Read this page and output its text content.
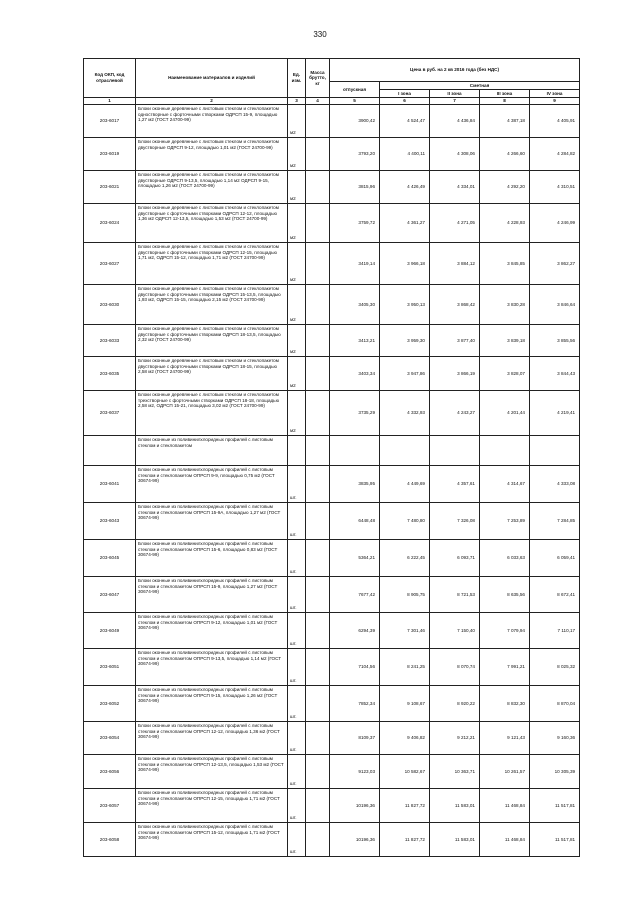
330
Код ОКП, код отраслевой	Наименование материалов и изделий	Ед. изм.	Масса брутто, кг	Цена в руб. на 2 кв 2016 года (без НДС)				
				отпускная	Сметная			
					I зона	II зона	III зона	IV зона
1	2	3	4	5	6	7	8	9
203-6017	Блоки оконные деревянные с листовым стеклом и стеклопакетом одностворные с форточными створками ОДРСП 15-9, площадью 1,27 м2 (ГОСТ 24700-99)	м2		3900,42	4 524,47	4 436,84	4 387,18	4 405,91
203-6019	Блоки оконные деревянные с листовым стеклом и стеклопакетом двустворные ОДРСП 9-12, площадью 1,01 м2 (ГОСТ 24700-99)	м2		3793,20	4 400,11	4 308,06	4 266,60	4 284,82
203-6021	Блоки оконные деревянные с листовым стеклом и стеклопакетом двустворные ОДРСП 9-13,5, площадью 1,14 м2 ОДРСП 9-15, площадью 1,26 м2 (ГОСТ 24700-99)	м2		3815,96	4 426,49	4 334,01	4 292,20	4 310,51
203-6024	Блоки оконные деревянные с листовым стеклом и стеклопакетом двустворные с форточными створками ОДРСП 12-12, площадью 1,36 м2 ОДРСП 12-13,5, площадью 1,53 м2 (ГОСТ 24700-99)	м2		3759,72	4 361,27	4 271,05	4 228,93	4 246,99
203-6027	Блоки оконные деревянные с листовым стеклом и стеклопакетом двустворные с форточными створками ОДРСП 12-15, площадью 1,71 м2, ОДРСП 15-12, площадью 1,71 м2 (ГОСТ 24700-99)	м2		3419,14	3 966,18	3 884,12	3 845,85	3 862,27
203-6030	Блоки оконные деревянные с листовым стеклом и стеклопакетом двустворные с форточными створками ОДРСП 15-13,5, площадью 1,93 м2, ОДРСП 15-15, площадью 2,15 м2 (ГОСТ 24700-99)	м2		3405,30	3 950,13	3 868,42	3 830,28	3 846,64
203-6033	Блоки оконные деревянные с листовым стеклом и стеклопакетом двустворные с форточными створками ОДРСП 18-13,5, площадью 2,32 м2 (ГОСТ 24700-99)	м2		3413,21	3 959,30	3 877,40	3 839,18	3 855,56
203-6035	Блоки оконные деревянные с листовым стеклом и стеклопакетом двустворные с форточными створками ОДРСП 18-15, площадью 2,58 м2 (ГОСТ 24700-99)	м2		3403,34	3 947,86	3 866,19	3 828,07	3 844,43
203-6037	Блоки оконные деревянные с листовым стеклом и стеклопакетом трехстворные с форточными створками ОДРСП 18-18, площадью 2,58 м2, ОДРСП 15-21, площадью 3,02 м2 (ГОСТ 24700-99)	м2		3735,29	4 332,93	4 243,27	4 201,44	4 219,41
	Блоки оконные из поливинилхлоридных профилей с листовым стеклом и стеклопакетом							
203-6041	Блоки оконные из поливинилхлоридных профилей с листовым стеклом и стеклопакетом ОПРСП 9-9, площадью 0,75 м2 (ГОСТ 30674-99)	шт.		3835,95	4 449,69	4 357,61	4 314,67	4 333,08
203-6043	Блоки оконные из поливинилхлоридных профилей с листовым стеклом и стеклопакетом ОПРСП 15-9А, площадью 1,27 м2 (ГОСТ 30674-99)	шт.		6448,48	7 480,80	7 326,08	7 253,89	7 284,85
203-6045	Блоки оконные из поливинилхлоридных профилей с листовым стеклом и стеклопакетом ОПРСП 15-6, площадью 0,83 м2 (ГОСТ 30674-99)	шт.		5364,21	6 222,45	6 093,71	6 033,63	6 059,41
203-6047	Блоки оконные из поливинилхлоридных профилей с листовым стеклом и стеклопакетом ОПРСП 15-9, площадью 1,27 м2 (ГОСТ 30674-99)	шт.		7677,42	8 905,75	8 721,53	8 635,56	8 672,41
203-6049	Блоки оконные из поливинилхлоридных профилей с листовым стеклом и стеклопакетом ОПРСП 9-12, площадью 1,01 м2 (ГОСТ 30674-99)	шт.		6294,39	7 301,46	7 150,40	7 079,94	7 110,17
203-6051	Блоки оконные из поливинилхлоридных профилей с листовым стеклом и стеклопакетом ОПРСП 9-13,5, площадью 1,14 м2 (ГОСТ 30674-99)	шт.		7104,56	8 241,25	8 070,74	7 991,21	8 025,32
203-6052	Блоки оконные из поливинилхлоридных профилей с листовым стеклом и стеклопакетом ОПРСП 9-15, площадью 1,26 м2 (ГОСТ 30674-99)	шт.		7852,34	9 108,67	8 920,22	8 832,30	8 870,04
203-6054	Блоки оконные из поливинилхлоридных профилей с листовым стеклом и стеклопакетом ОПРСП 12-12, площадью 1,36 м2 (ГОСТ 30674-99)	шт.		8109,37	9 406,82	9 212,21	9 121,43	9 160,36
203-6056	Блоки оконные из поливинилхлоридных профилей с листовым стеклом и стеклопакетом ОПРСП 12-13,5, площадью 1,53 м2 (ГОСТ 30674-99)	шт.		9123,03	10 582,67	10 363,71	10 261,57	10 305,39
203-6057	Блоки оконные из поливинилхлоридных профилей с листовым стеклом и стеклопакетом ОПРСП 12-15, площадью 1,71 м2 (ГОСТ 30674-99)	шт.		10196,36	11 827,72	11 583,01	11 468,84	11 517,81
203-6058	Блоки оконные из поливинилхлоридных профилей с листовым стеклом и стеклопакетом ОПРСП 15-12, площадью 1,71 м2 (ГОСТ 30674-99)	шт.		10196,36	11 827,72	11 583,01	11 468,84	11 517,81
